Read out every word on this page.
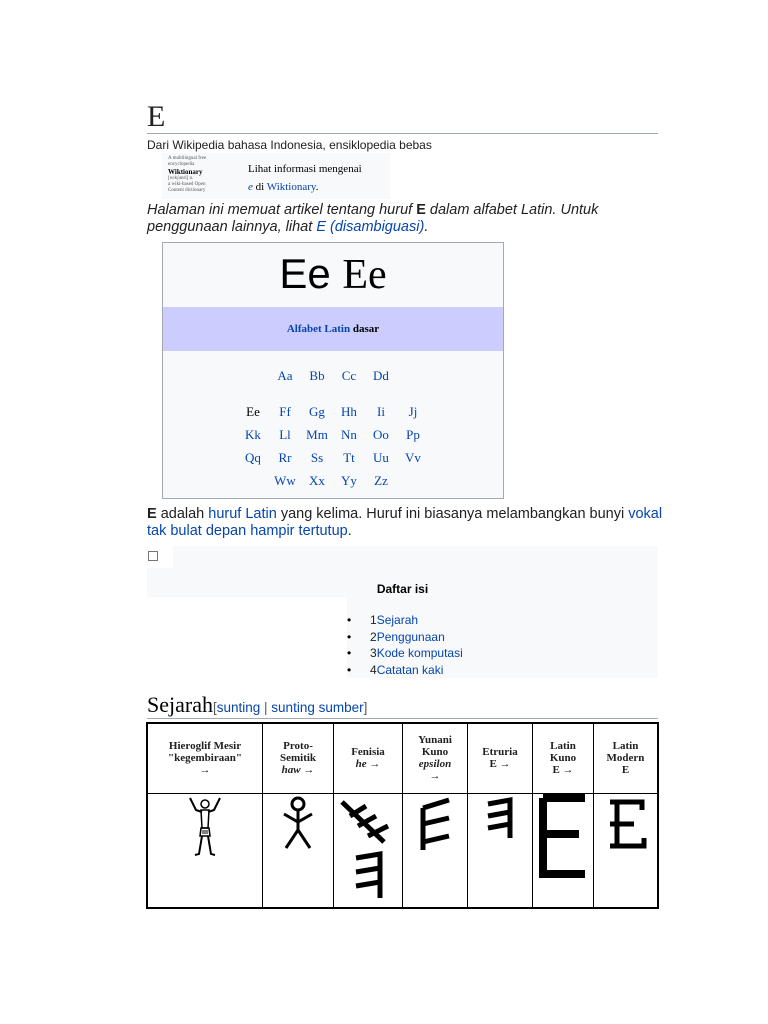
E
Dari Wikipedia bahasa Indonesia, ensiklopedia bebas
A multilingual free
encyclopedia
Wiktionary
[wɪkʃənri] n.
a wiki-based Open
Content dictionary
Lihat informasi mengenai
e di Wiktionary.
Halaman ini memuat artikel tentang huruf E dalam alfabet Latin. Untuk penggunaan lainnya, lihat E (disambiguasi).
Ee Ee
Alfabet Latin dasar
Aa Bb Cc Dd
Ee Ff Gg Hh Ii Jj
Kk Ll Mm Nn Oo Pp
Qq Rr Ss Tt Uu Vv
Ww Xx Yy Zz
E adalah huruf Latin yang kelima. Huruf ini biasanya melambangkan bunyi vokal tak bulat depan hampir tertutup.
Daftar isi
• 1Sejarah
• 2Penggunaan
• 3Kode komputasi
• 4Catatan kaki
Sejarah[sunting | sunting sumber]
Hieroglif Mesir
"kegembiraan"
→	Proto-
Semitik
haw →	Fenisia
he →	Yunani
Kuno
epsilon
→	Etruria
E →	Latin
Kuno
E →	Latin
Modern
E
